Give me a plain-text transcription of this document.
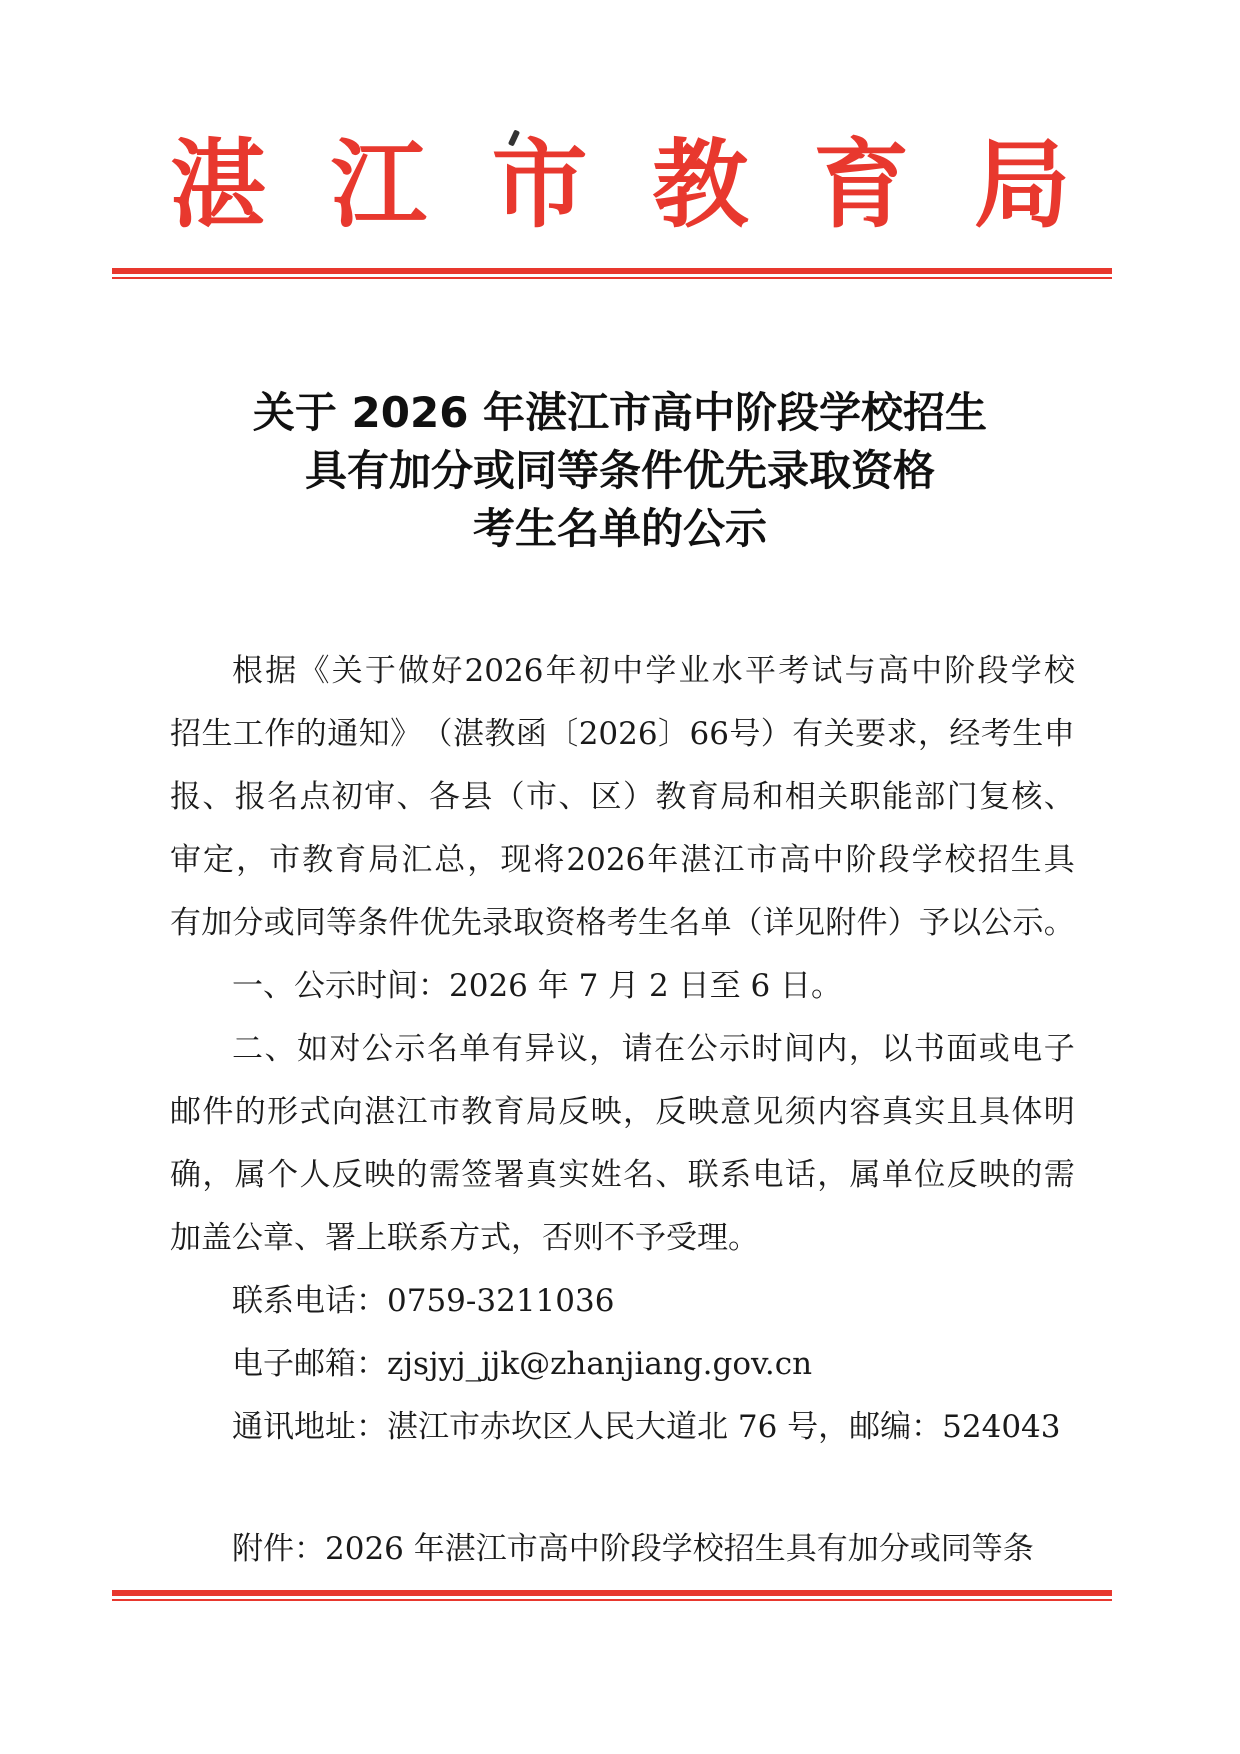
湛 江 市 教 育 局
关于 2026 年湛江市高中阶段学校招生
具有加分或同等条件优先录取资格
考生名单的公示
根 据 《 关 于 做 好 2026 年 初 中 学 业 水 平 考 试 与 高 中 阶 段 学 校
招 生 工 作 的 通 知 》 （ 湛 教 函 〔 2026 〕 66 号 ） 有 关 要 求 ， 经 考 生 申
报 、 报 名 点 初 审 、 各 县 （ 市 、 区 ） 教 育 局 和 相 关 职 能 部 门 复 核 、
审 定 ， 市 教 育 局 汇 总 ， 现 将 2026 年 湛 江 市 高 中 阶 段 学 校 招 生 具
有 加 分 或 同 等 条 件 优 先 录 取 资 格 考 生 名 单 （ 详 见 附 件 ） 予 以 公 示 。
一、公示时间：2026 年 7 月 2 日至 6 日。
二 、 如 对 公 示 名 单 有 异 议 ， 请 在 公 示 时 间 内 ， 以 书 面 或 电 子
邮 件 的 形 式 向 湛 江 市 教 育 局 反 映 ， 反 映 意 见 须 内 容 真 实 且 具 体 明
确 ， 属 个 人 反 映 的 需 签 署 真 实 姓 名 、 联 系 电 话 ， 属 单 位 反 映 的 需
加盖公章、署上联系方式，否则不予受理。
联系电话：0759-3211036
电子邮箱：zjsjyj_jjk@zhanjiang.gov.cn
通讯地址：湛江市赤坎区人民大道北 76 号，邮编：524043
附件：2026 年湛江市高中阶段学校招生具有加分或同等条
